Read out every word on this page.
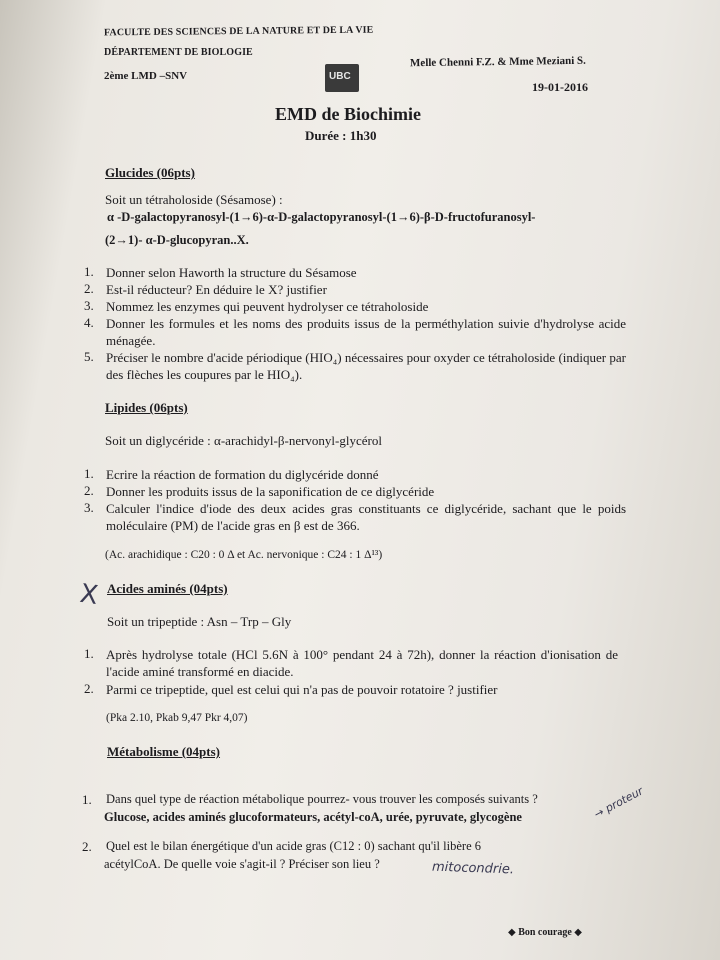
FACULTE DES SCIENCES DE LA NATURE ET DE LA VIE
DÉPARTEMENT DE BIOLOGIE
2ème LMD –SNV	UBC
Melle Chenni F.Z. & Mme Meziani S.
19-01-2016
EMD de Biochimie
Durée : 1h30
Glucides (06pts)
Soit un tétraholoside (Sésamose) :
α -D-galactopyranosyl-(1→6)-α-D-galactopyranosyl-(1→6)-β-D-fructofuranosyl-
(2→1)- α-D-glucopyran..X.
1. Donner selon Haworth la structure du Sésamose
2. Est-il réducteur? En déduire le X? justifier
3. Nommez les enzymes qui peuvent hydrolyser ce tétraholoside
4. Donner les formules et les noms des produits issus de la perméthylation suivie d'hydrolyse acide ménagée.
5. Préciser le nombre d'acide périodique (HIO₄) nécessaires pour oxyder ce tétraholoside (indiquer par des flèches les coupures par le HIO₄).
Lipides (06pts)
Soit un diglycéride : α-arachidyl-β-nervonyl-glycérol
1. Ecrire la réaction de formation du diglycéride donné
2. Donner les produits issus de la saponification de ce diglycéride
3. Calculer l'indice d'iode des deux acides gras constituants ce diglycéride, sachant que le poids moléculaire (PM) de l'acide gras en β est de 366.
(Ac. arachidique : C20 : 0 Δ et Ac. nervonique : C24 : 1 Δ¹³)
X Acides aminés (04pts)
Soit un tripeptide : Asn – Trp – Gly
1. Après hydrolyse totale (HCl 5.6N à 100° pendant 24 à 72h), donner la réaction d'ionisation de l'acide aminé transformé en diacide.
2. Parmi ce tripeptide, quel est celui qui n'a pas de pouvoir rotatoire ? justifier
(Pka 2.10, Pkab 9,47 Pkr 4,07)
Métabolisme (04pts)
1. Dans quel type de réaction métabolique pourrez- vous trouver les composés suivants ?
Glucose, acides aminés glucoformateurs, acétyl-coA, urée, pyruvate, glycogène	→ proteur
2. Quel est le bilan énergétique d'un acide gras (C12 : 0) sachant qu'il libère 6
acétylCoA. De quelle voie s'agit-il ? Préciser son lieu ?	mitocondrie.
◆ Bon courage ◆
